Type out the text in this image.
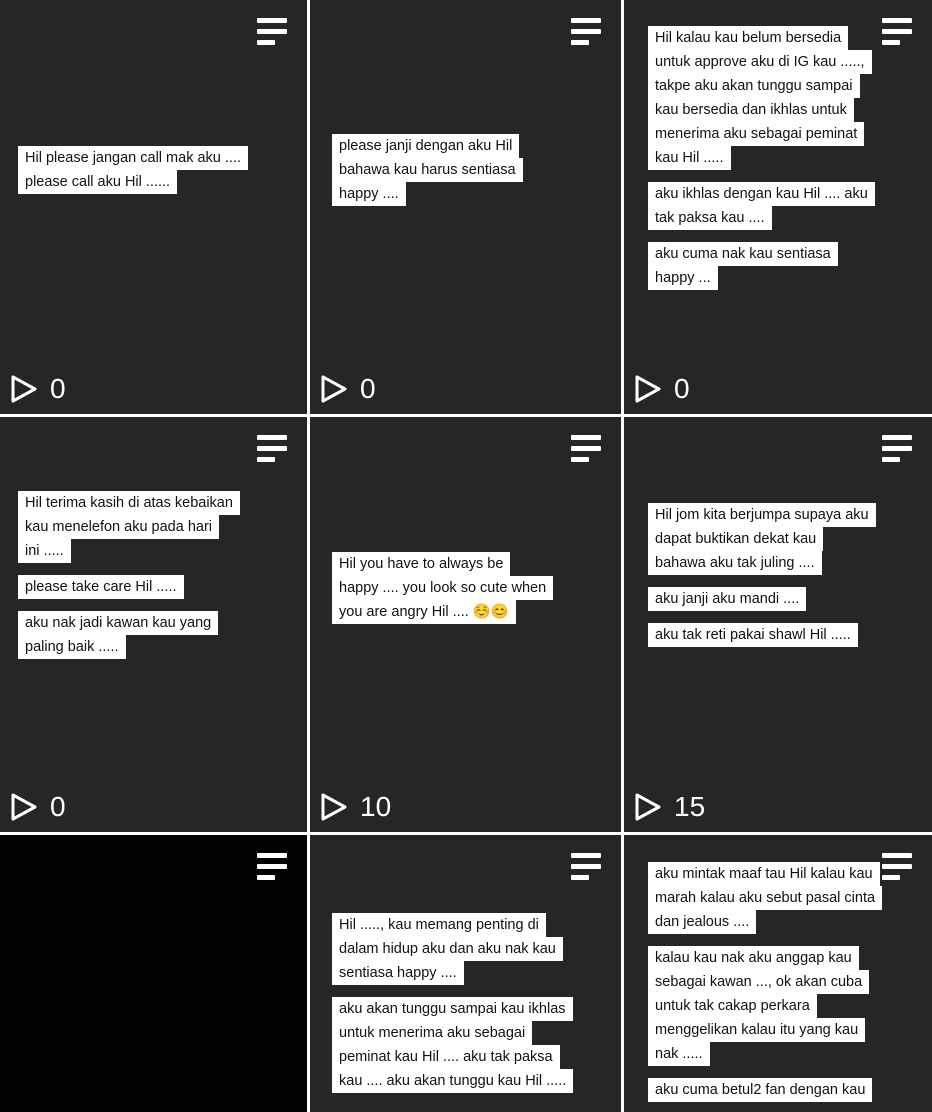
Hil please jangan call mak aku ....
please call aku Hil ......
0
please janji dengan aku Hil
bahawa kau harus sentiasa
happy ....
0
Hil kalau kau belum bersedia
untuk approve aku di IG kau .....,
takpe aku akan tunggu sampai
kau bersedia dan ikhlas untuk
menerima aku sebagai peminat
kau Hil .....
aku ikhlas dengan kau Hil .... aku
tak paksa kau ....
aku cuma nak kau sentiasa
happy ...
0
Hil terima kasih di atas kebaikan
kau menelefon aku pada hari
ini .....
please take care Hil .....
aku nak jadi kawan kau yang
paling baik .....
0
Hil you have to always be
happy .... you look so cute when
you are angry Hil .... ☺️😊
10
Hil jom kita berjumpa supaya aku
dapat buktikan dekat kau
bahawa aku tak juling ....
aku janji aku mandi ....
aku tak reti pakai shawl Hil .....
15
Hil ....., kau memang penting di
dalam hidup aku dan aku nak kau
sentiasa happy ....
aku akan tunggu sampai kau ikhlas
untuk menerima aku sebagai
peminat kau Hil .... aku tak paksa
kau .... aku akan tunggu kau Hil .....
aku mintak maaf tau Hil kalau kau
marah kalau aku sebut pasal cinta
dan jealous ....
kalau kau nak aku anggap kau
sebagai kawan ..., ok akan cuba
untuk tak cakap perkara
menggelikan kalau itu yang kau
nak .....
aku cuma betul2 fan dengan kau
